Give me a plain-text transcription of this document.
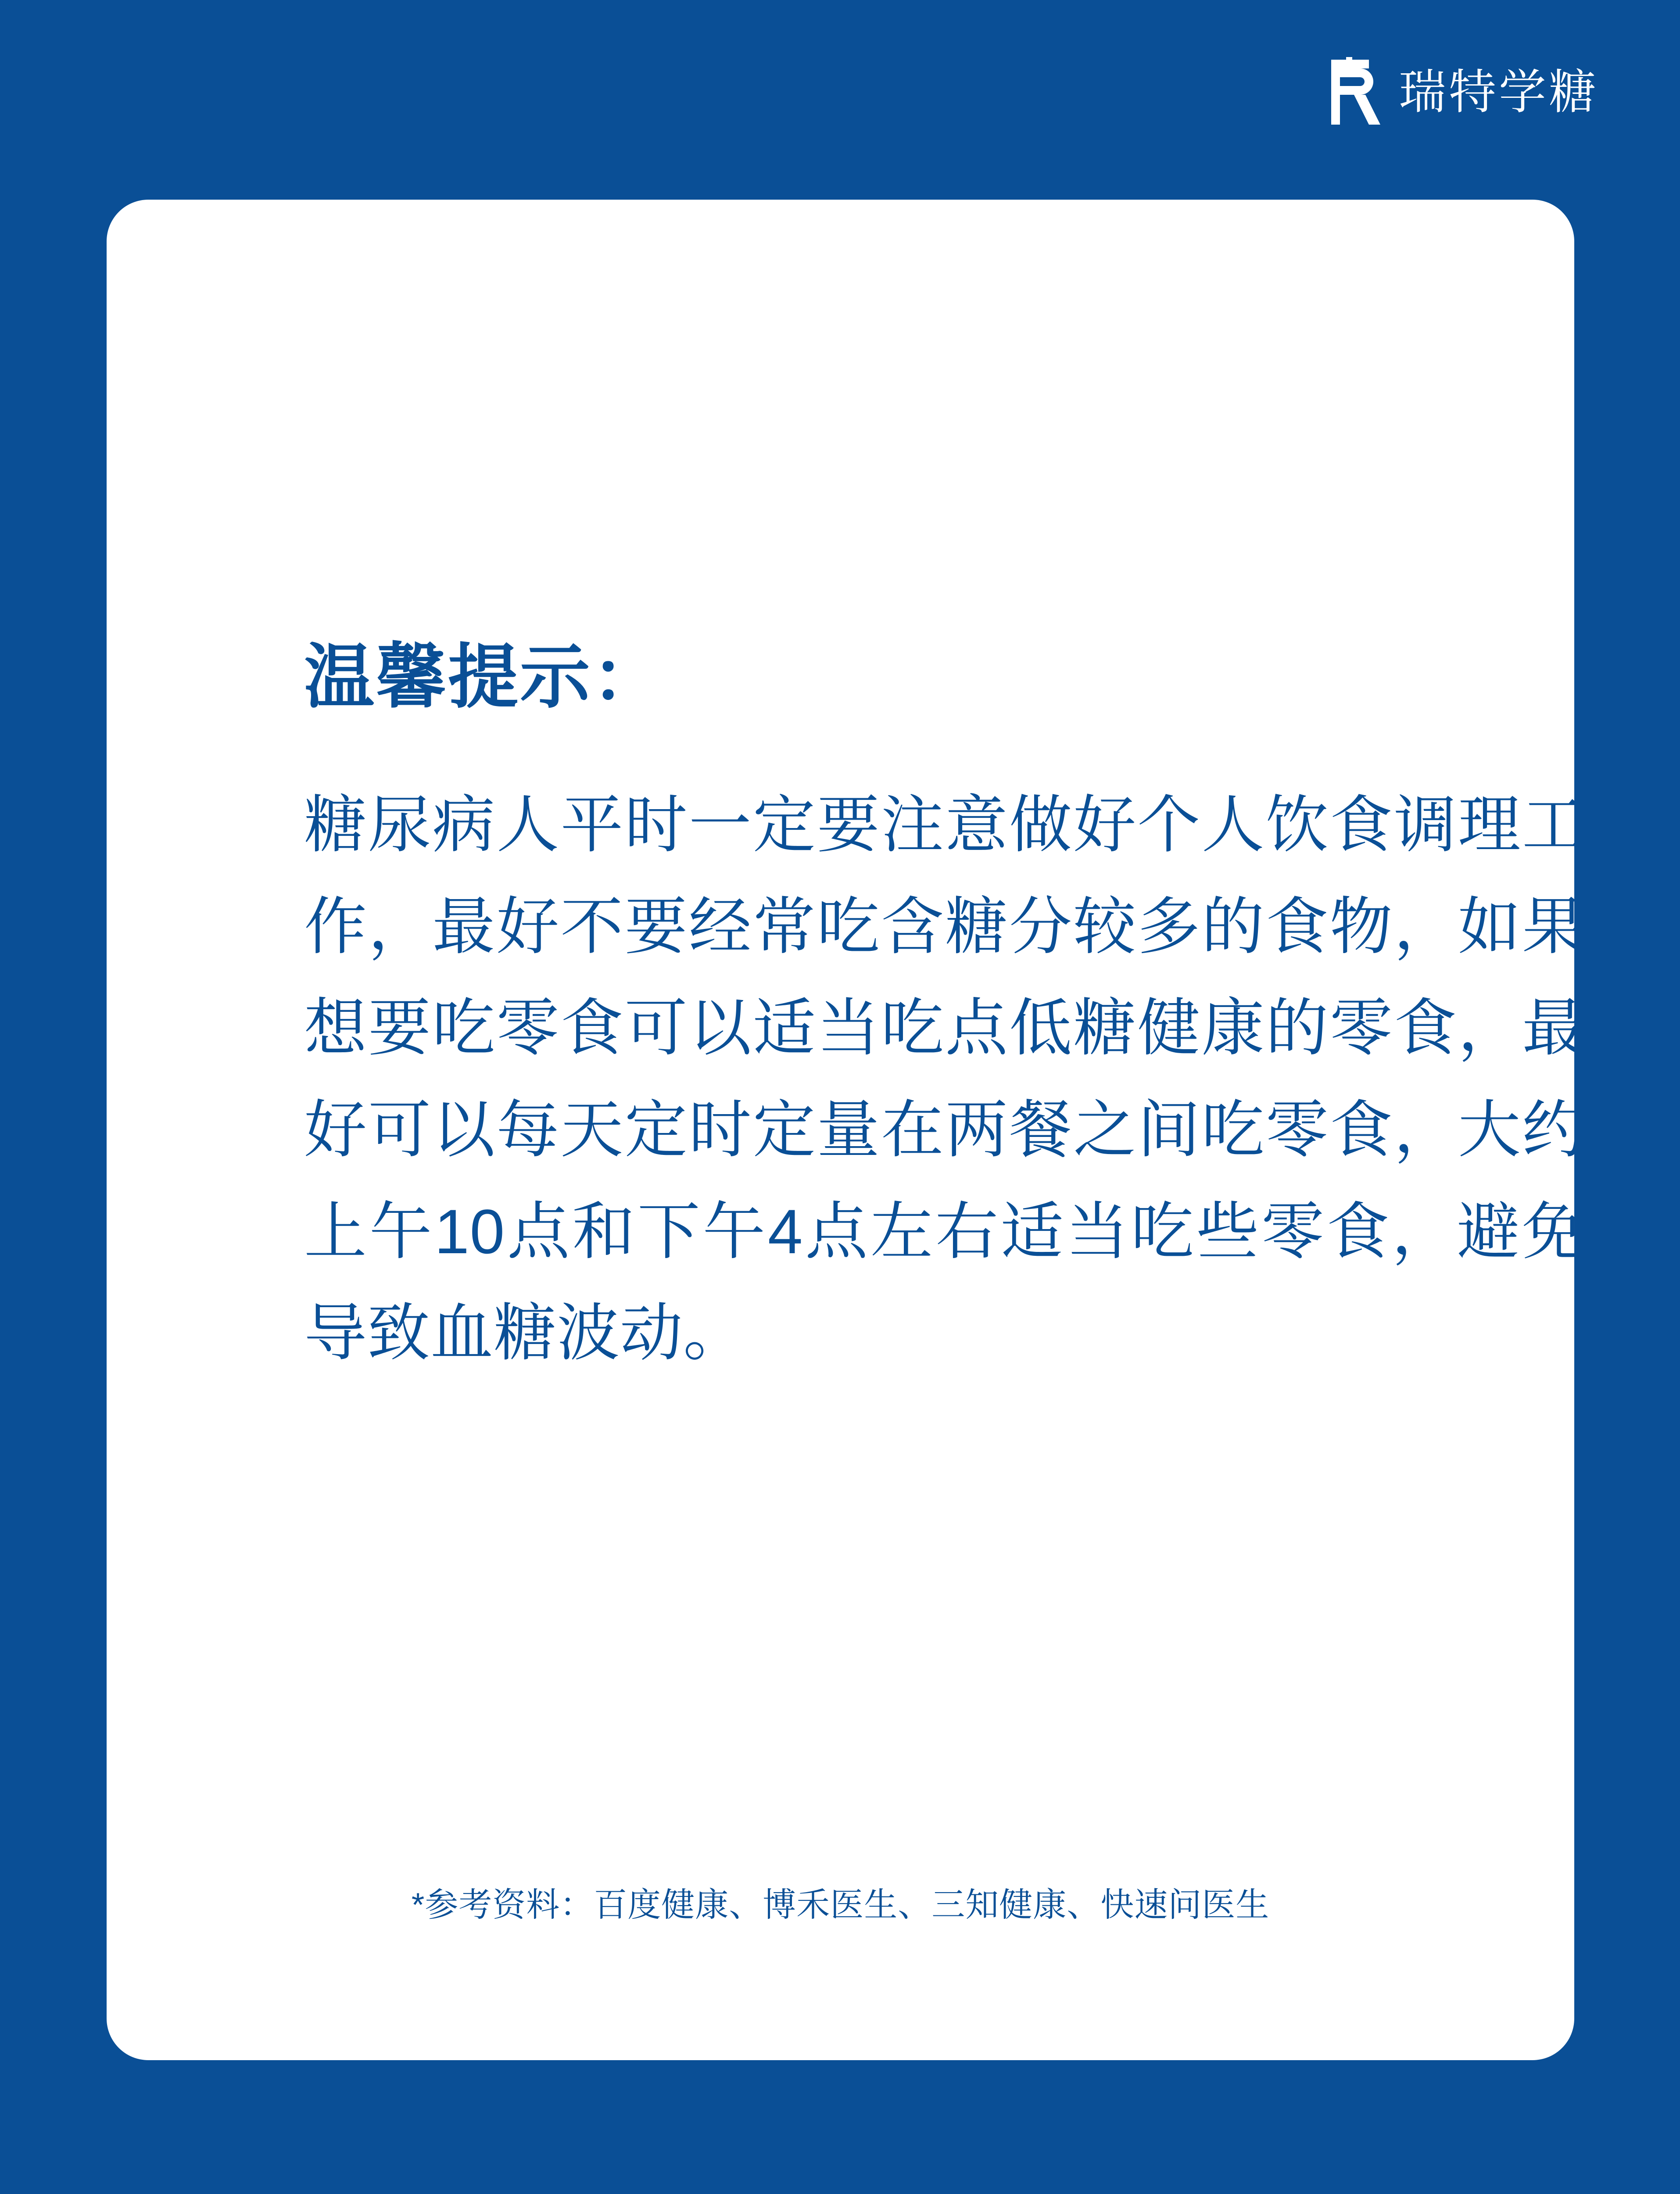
瑞特学糖
温馨提示：

糖尿病人平时一定要注意做好个人饮食调理工作，最好不要经常吃含糖分较多的食物，如果想要吃零食可以适当吃点低糖健康的零食，最好可以每天定时定量在两餐之间吃零食，大约上午10点和下午4点左右适当吃些零食，避免导致血糖波动。

*参考资料：百度健康、博禾医生、三知健康、快速问医生
